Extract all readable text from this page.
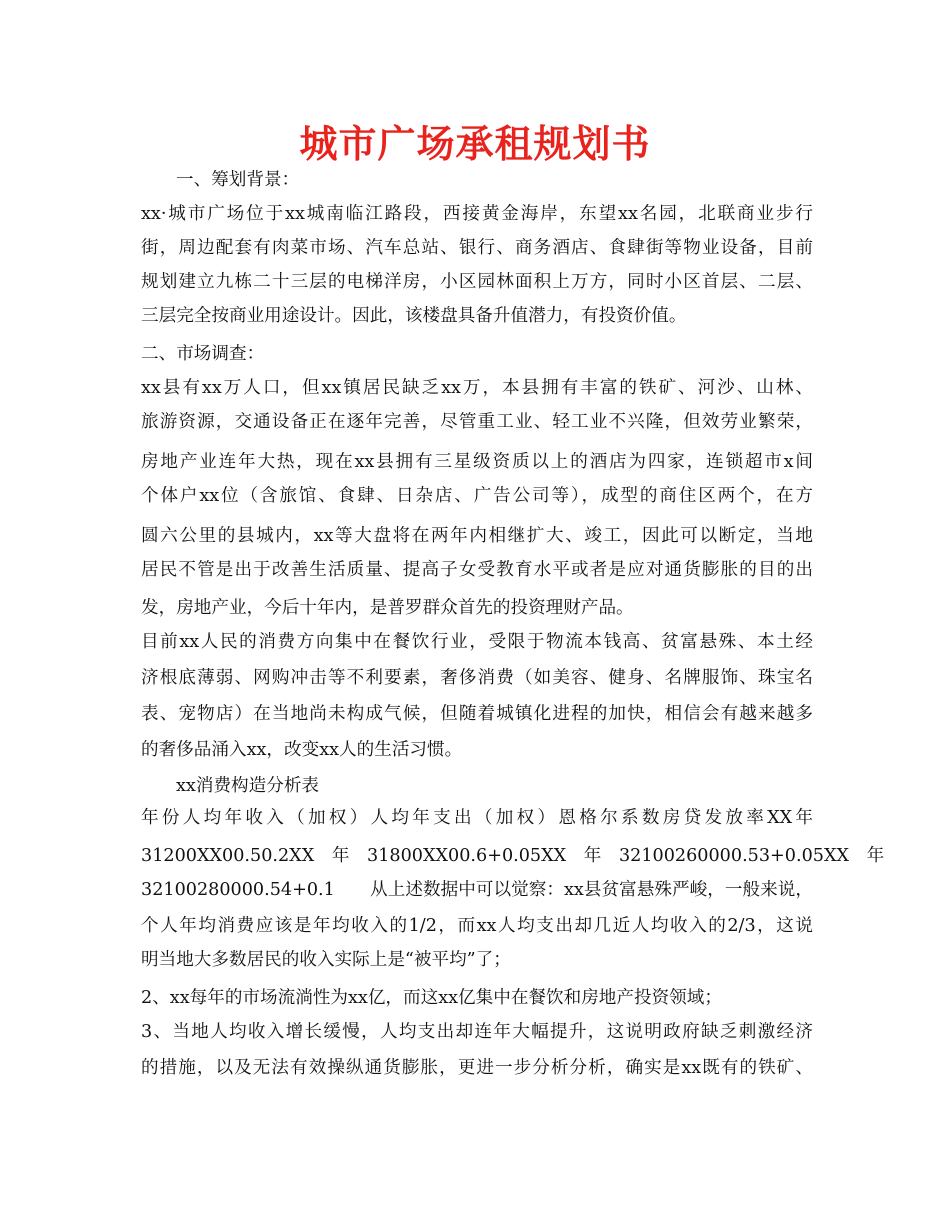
城市广场承租规划书
一、筹划背景：
xx·城市广场位于xx城南临江路段，西接黄金海岸，东望xx名园，北联商业步行
街，周边配套有肉菜市场、汽车总站、银行、商务酒店、食肆街等物业设备，目前
规划建立九栋二十三层的电梯洋房，小区园林面积上万方，同时小区首层、二层、
三层完全按商业用途设计。因此，该楼盘具备升值潜力，有投资价值。
二、市场调查：
xx县有xx万人口，但xx镇居民缺乏xx万，本县拥有丰富的铁矿、河沙、山林、
旅游资源，交通设备正在逐年完善，尽管重工业、轻工业不兴隆，但效劳业繁荣，
房地产业连年大热，现在xx县拥有三星级资质以上的酒店为四家，连锁超市x间
个体户xx位（含旅馆、食肆、日杂店、广告公司等），成型的商住区两个，在方
圆六公里的县城内，xx等大盘将在两年内相继扩大、竣工，因此可以断定，当地
居民不管是出于改善生活质量、提高子女受教育水平或者是应对通货膨胀的目的出
发，房地产业，今后十年内，是普罗群众首先的投资理财产品。
目前xx人民的消费方向集中在餐饮行业，受限于物流本钱高、贫富悬殊、本土经
济根底薄弱、网购冲击等不利要素，奢侈消费（如美容、健身、名牌服饰、珠宝名
表、宠物店）在当地尚未构成气候，但随着城镇化进程的加快，相信会有越来越多
的奢侈品涌入xx，改变xx人的生活习惯。
xx消费构造分析表
年份人均年收入（加权）人均年支出（加权）恩格尔系数房贷发放率XX年
31200XX00.50.2XX　年　31800XX00.6+0.05XX　年　32100260000.53+0.05XX　年
32100280000.54+0.1　　从上述数据中可以觉察：xx县贫富悬殊严峻，一般来说，
个人年均消费应该是年均收入的1/2，而xx人均支出却几近人均收入的2/3，这说
明当地大多数居民的收入实际上是“被平均”了；
2、xx每年的市场流淌性为xx亿，而这xx亿集中在餐饮和房地产投资领域；
3、当地人均收入增长缓慢，人均支出却连年大幅提升，这说明政府缺乏刺激经济
的措施，以及无法有效操纵通货膨胀，更进一步分析分析，确实是xx既有的铁矿、
